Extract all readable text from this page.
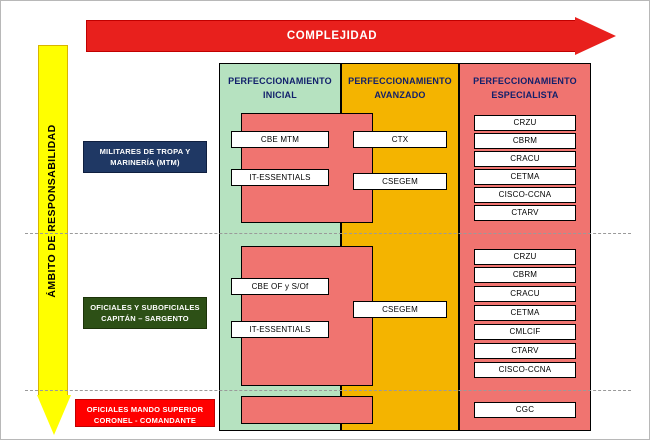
COMPLEJIDAD
ÁMBITO DE RESPONSABILIDAD
PERFECCIONAMIENTO
INICIAL
PERFECCIONAMIENTO
AVANZADO
PERFECCIONAMIENTO
ESPECIALISTA
MILITARES DE TROPA Y
MARINERÍA (MTM)
CBE MTM
IT-ESSENTIALS
CTX
CSEGEM
CRZU
CBRM
CRACU
CETMA
CISCO-CCNA
CTARV
OFICIALES Y SUBOFICIALES
CAPITÁN – SARGENTO
CBE OF y S/Of
IT-ESSENTIALS
CSEGEM
CRZU
CBRM
CRACU
CETMA
CMLCIF
CTARV
CISCO-CCNA
OFICIALES MANDO SUPERIOR
CORONEL - COMANDANTE
CGC
